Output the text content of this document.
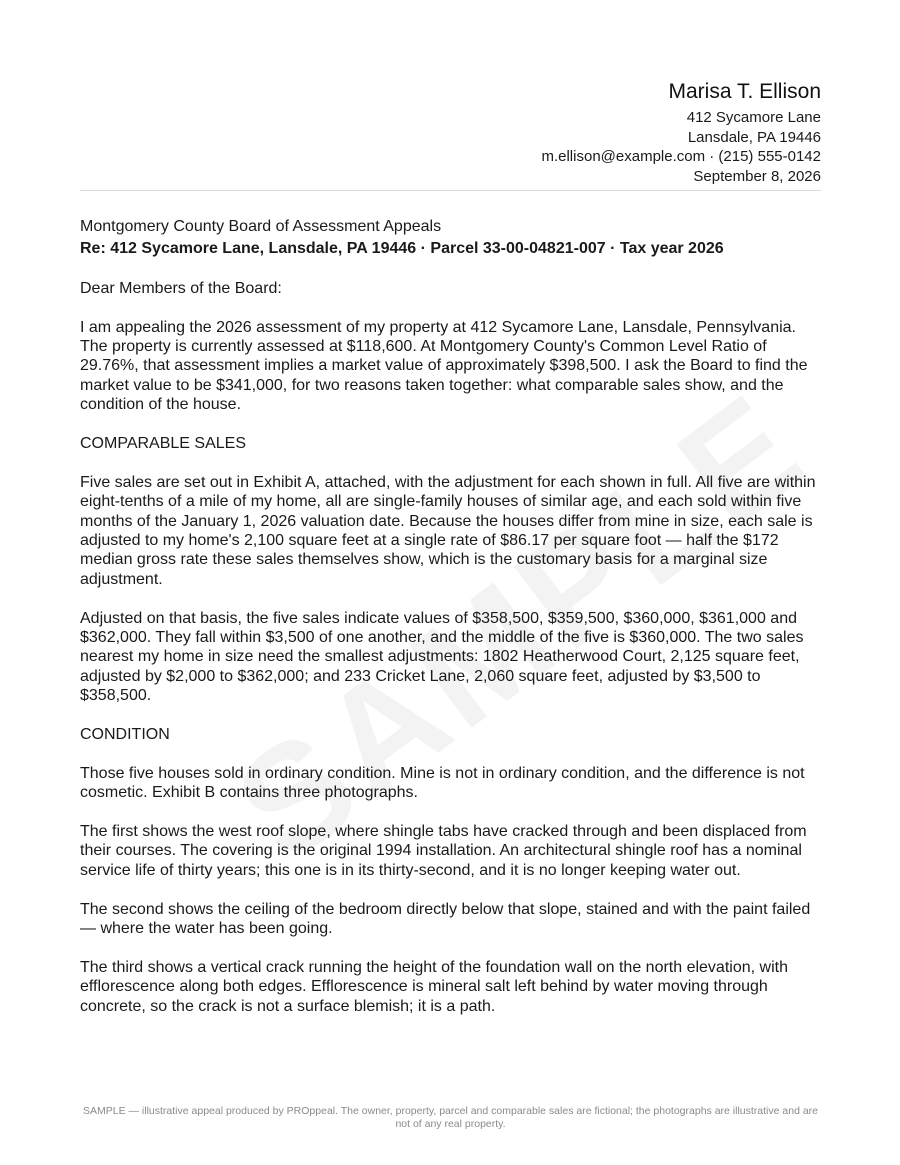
Marisa T. Ellison
412 Sycamore Lane
Lansdale, PA 19446
m.ellison@example.com · (215) 555-0142
September 8, 2026

Montgomery County Board of Assessment Appeals

Re: 412 Sycamore Lane, Lansdale, PA 19446 · Parcel 33-00-04821-007 · Tax year 2026

Dear Members of the Board:

I am appealing the 2026 assessment of my property at 412 Sycamore Lane, Lansdale, Pennsylvania. The property is currently assessed at $118,600. At Montgomery County's Common Level Ratio of 29.76%, that assessment implies a market value of approximately $398,500. I ask the Board to find the market value to be $341,000, for two reasons taken together: what comparable sales show, and the condition of the house.

COMPARABLE SALES

Five sales are set out in Exhibit A, attached, with the adjustment for each shown in full. All five are within eight-tenths of a mile of my home, all are single-family houses of similar age, and each sold within five months of the January 1, 2026 valuation date. Because the houses differ from mine in size, each sale is adjusted to my home's 2,100 square feet at a single rate of $86.17 per square foot — half the $172 median gross rate these sales themselves show, which is the customary basis for a marginal size adjustment.

Adjusted on that basis, the five sales indicate values of $358,500, $359,500, $360,000, $361,000 and $362,000. They fall within $3,500 of one another, and the middle of the five is $360,000. The two sales nearest my home in size need the smallest adjustments: 1802 Heatherwood Court, 2,125 square feet, adjusted by $2,000 to $362,000; and 233 Cricket Lane, 2,060 square feet, adjusted by $3,500 to $358,500.

CONDITION

Those five houses sold in ordinary condition. Mine is not in ordinary condition, and the difference is not cosmetic. Exhibit B contains three photographs.

The first shows the west roof slope, where shingle tabs have cracked through and been displaced from their courses. The covering is the original 1994 installation. An architectural shingle roof has a nominal service life of thirty years; this one is in its thirty-second, and it is no longer keeping water out.

The second shows the ceiling of the bedroom directly below that slope, stained and with the paint failed — where the water has been going.

The third shows a vertical crack running the height of the foundation wall on the north elevation, with efflorescence along both edges. Efflorescence is mineral salt left behind by water moving through concrete, so the crack is not a surface blemish; it is a path.

SAMPLE — illustrative appeal produced by PROppeal. The owner, property, parcel and comparable sales are fictional; the photographs are illustrative and are not of any real property.
